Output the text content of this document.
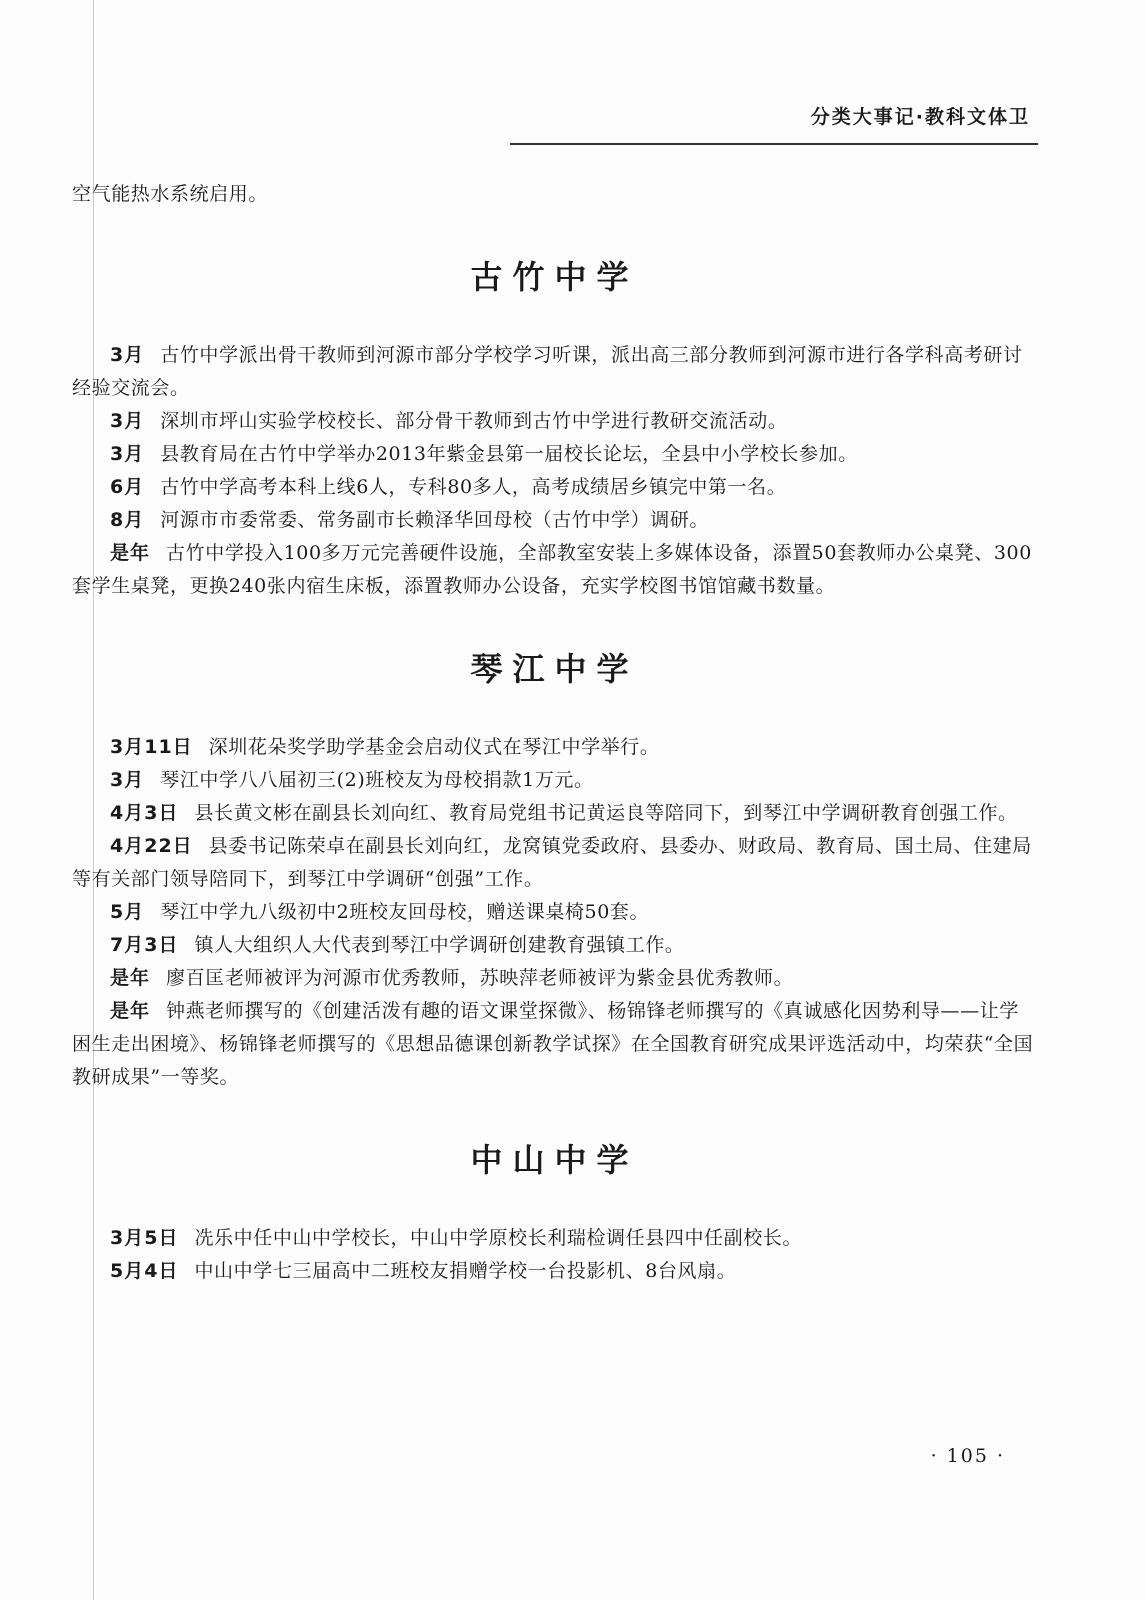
分类大事记·教科文体卫

空气能热水系统启用。

古竹中学

3月 古竹中学派出骨干教师到河源市部分学校学习听课，派出高三部分教师到河源市进行各学科高考研讨经验交流会。

3月 深圳市坪山实验学校校长、部分骨干教师到古竹中学进行教研交流活动。

3月 县教育局在古竹中学举办2013年紫金县第一届校长论坛，全县中小学校长参加。

6月 古竹中学高考本科上线6人，专科80多人，高考成绩居乡镇完中第一名。

8月 河源市市委常委、常务副市长赖泽华回母校（古竹中学）调研。

是年 古竹中学投入100多万元完善硬件设施，全部教室安装上多媒体设备，添置50套教师办公桌凳、300套学生桌凳，更换240张内宿生床板，添置教师办公设备，充实学校图书馆馆藏书数量。

琴江中学

3月11日 深圳花朵奖学助学基金会启动仪式在琴江中学举行。

3月 琴江中学八八届初三(2)班校友为母校捐款1万元。

4月3日 县长黄文彬在副县长刘向红、教育局党组书记黄运良等陪同下，到琴江中学调研教育创强工作。

4月22日 县委书记陈荣卓在副县长刘向红，龙窝镇党委政府、县委办、财政局、教育局、国土局、住建局等有关部门领导陪同下，到琴江中学调研“创强”工作。

5月 琴江中学九八级初中2班校友回母校，赠送课桌椅50套。

7月3日 镇人大组织人大代表到琴江中学调研创建教育强镇工作。

是年 廖百匡老师被评为河源市优秀教师，苏映萍老师被评为紫金县优秀教师。

是年 钟燕老师撰写的《创建活泼有趣的语文课堂探微》、杨锦锋老师撰写的《真诚感化因势利导——让学困生走出困境》、杨锦锋老师撰写的《思想品德课创新教学试探》在全国教育研究成果评选活动中，均荣获“全国教研成果”一等奖。

中山中学

3月5日 冼乐中任中山中学校长，中山中学原校长利瑞检调任县四中任副校长。

5月4日 中山中学七三届高中二班校友捐赠学校一台投影机、8台风扇。

· 105 ·
